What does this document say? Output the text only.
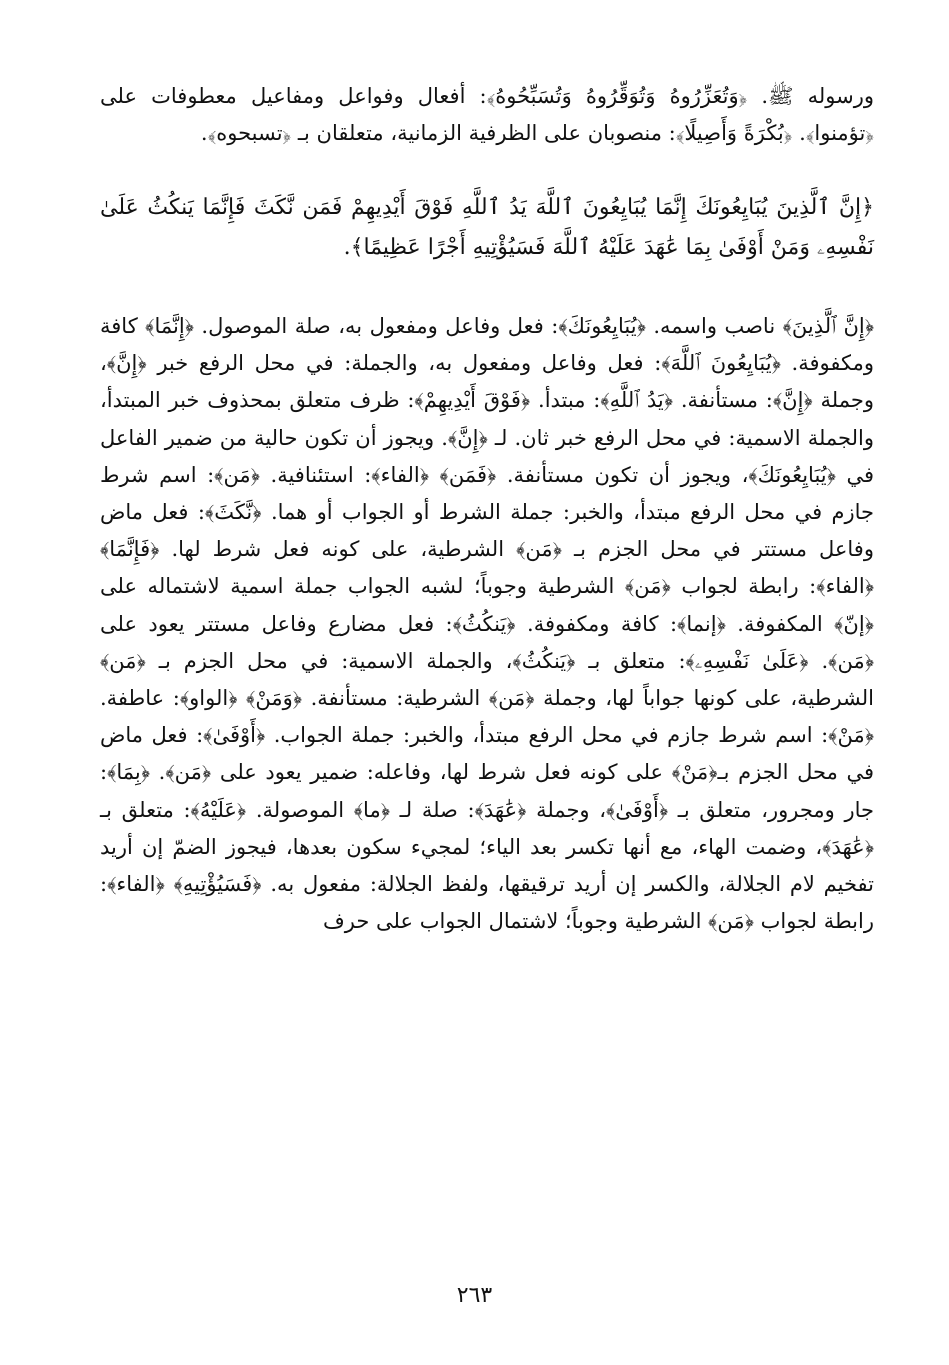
ورسوله ﷺ. ﴿وَتُعَزِّرُوهُ وَتُوَقِّرُوهُ وَتُسَبِّحُوهُ﴾: أفعال وفواعل ومفاعيل معطوفات على ﴿تؤمنوا﴾. ﴿بُكْرَةً وَأَصِيلًا﴾: منصوبان على الظرفية الزمانية، متعلقان بـ ﴿تسبحوه﴾.

﴿إِنَّ ٱلَّذِينَ يُبَايِعُونَكَ إِنَّمَا يُبَايِعُونَ ٱللَّهَ يَدُ ٱللَّهِ فَوْقَ أَيْدِيهِمْ فَمَن نَّكَثَ فَإِنَّمَا يَنكُثُ عَلَىٰ نَفْسِهِۦ وَمَنْ أَوْفَىٰ بِمَا عَٰهَدَ عَلَيْهُ ٱللَّهَ فَسَيُؤْتِيهِ أَجْرًا عَظِيمًا﴾.

﴿إِنَّ ٱلَّذِينَ﴾ ناصب واسمه. ﴿يُبَايِعُونَكَ﴾: فعل وفاعل ومفعول به، صلة الموصول. ﴿إِنَّمَا﴾ كافة ومكفوفة. ﴿يُبَايِعُونَ ٱللَّهَ﴾: فعل وفاعل ومفعول به، والجملة: في محل الرفع خبر ﴿إِنَّ﴾، وجملة ﴿إِنَّ﴾: مستأنفة. ﴿يَدُ ٱللَّهِ﴾: مبتدأ. ﴿فَوْقَ أَيْدِيهِمْ﴾: ظرف متعلق بمحذوف خبر المبتدأ، والجملة الاسمية: في محل الرفع خبر ثان. لـ ﴿إِنَّ﴾. ويجوز أن تكون حالية من ضمير الفاعل في ﴿يُبَايِعُونَكَ﴾، ويجوز أن تكون مستأنفة. ﴿فَمَن﴾ ﴿الفاء﴾: استئنافية. ﴿مَن﴾: اسم شرط جازم في محل الرفع مبتدأ، والخبر: جملة الشرط أو الجواب أو هما. ﴿نَّكَثَ﴾: فعل ماض وفاعل مستتر في محل الجزم بـ ﴿مَن﴾ الشرطية، على كونه فعل شرط لها. ﴿فَإِنَّمَا﴾ ﴿الفاء﴾: رابطة لجواب ﴿مَن﴾ الشرطية وجوباً؛ لشبه الجواب جملة اسمية لاشتماله على ﴿إنّ﴾ المكفوفة. ﴿إنما﴾: كافة ومكفوفة. ﴿يَنكُثُ﴾: فعل مضارع وفاعل مستتر يعود على ﴿مَن﴾. ﴿عَلَىٰ نَفْسِهِۦ﴾: متعلق بـ ﴿يَنكُثُ﴾، والجملة الاسمية: في محل الجزم بـ ﴿مَن﴾ الشرطية، على كونها جواباً لها، وجملة ﴿مَن﴾ الشرطية: مستأنفة. ﴿وَمَنْ﴾ ﴿الواو﴾: عاطفة. ﴿مَنْ﴾: اسم شرط جازم في محل الرفع مبتدأ، والخبر: جملة الجواب. ﴿أَوْفَىٰ﴾: فعل ماض في محل الجزم بـ﴿مَنْ﴾ على كونه فعل شرط لها، وفاعله: ضمير يعود على ﴿مَن﴾. ﴿بِمَا﴾: جار ومجرور، متعلق بـ ﴿أَوْفَىٰ﴾، وجملة ﴿عَٰهَدَ﴾: صلة لـ ﴿ما﴾ الموصولة. ﴿عَلَيْهُ﴾: متعلق بـ ﴿عَٰهَدَ﴾، وضمت الهاء، مع أنها تكسر بعد الياء؛ لمجيء سكون بعدها، فيجوز الضمّ إن أريد تفخيم لام الجلالة، والكسر إن أريد ترقيقها، ولفظ الجلالة: مفعول به. ﴿فَسَيُؤْتِيهِ﴾ ﴿الفاء﴾: رابطة لجواب ﴿مَن﴾ الشرطية وجوباً؛ لاشتمال الجواب على حرف

٢٦٣
